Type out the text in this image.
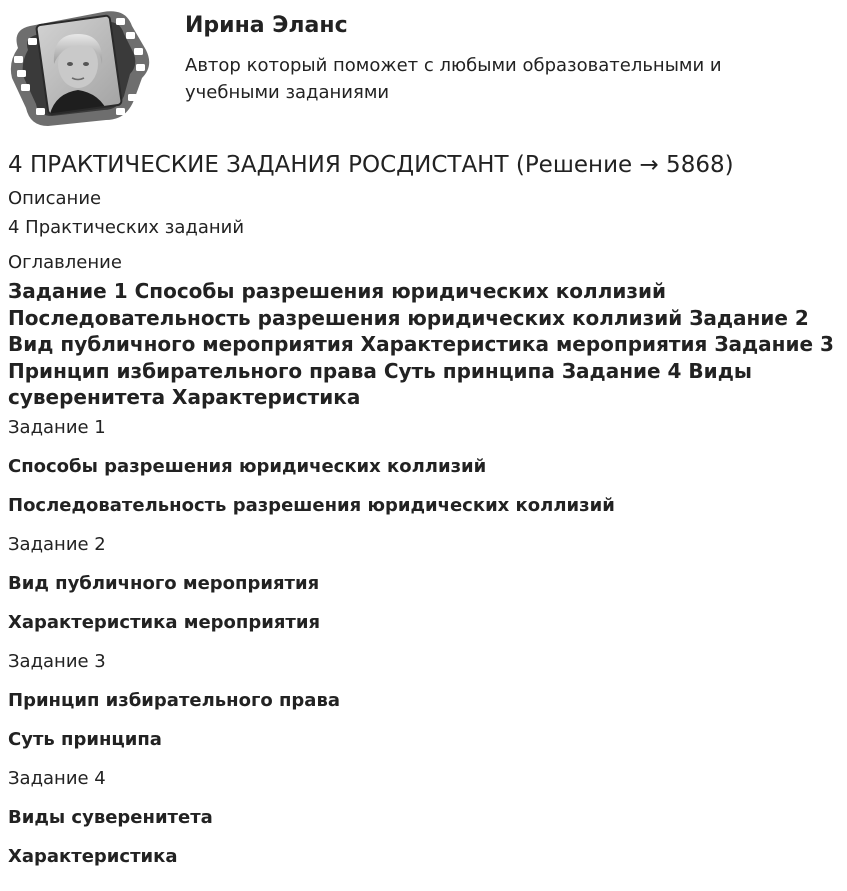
Ирина Эланс
Автор который поможет с любыми образовательными и учебными заданиями
4 ПРАКТИЧЕСКИЕ ЗАДАНИЯ РОСДИСТАНТ (Решение → 5868)
Описание
4 Практических заданий
Оглавление
Задание 1 Способы разрешения юридических коллизий Последовательность разрешения юридических коллизий Задание 2 Вид публичного мероприятия Характеристика мероприятия Задание 3 Принцип избирательного права Суть принципа Задание 4 Виды суверенитета Характеристика
Задание 1
Способы разрешения юридических коллизий
Последовательность разрешения юридических коллизий
Задание 2
Вид публичного мероприятия
Характеристика мероприятия
Задание 3
Принцип избирательного права
Суть принципа
Задание 4
Виды суверенитета
Характеристика
